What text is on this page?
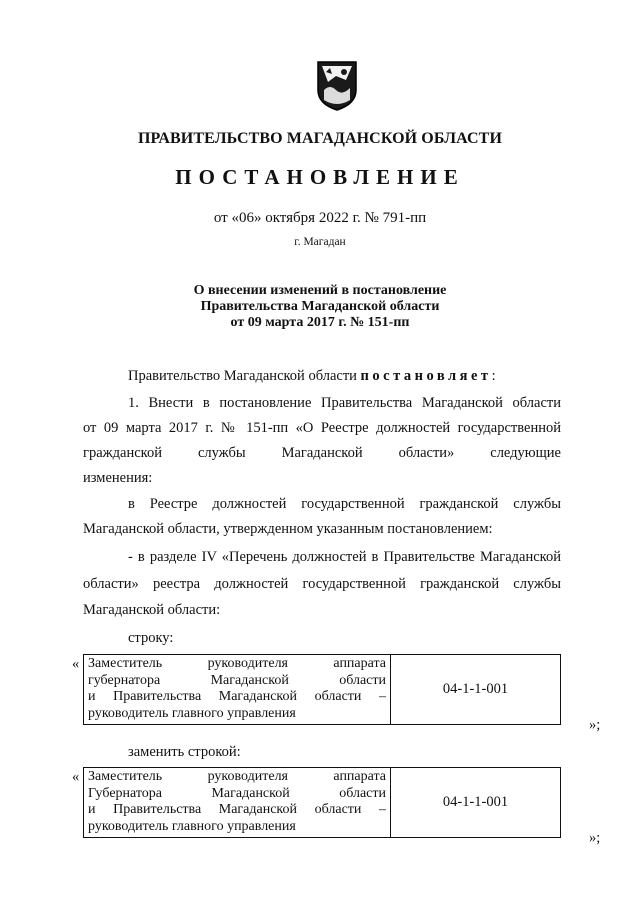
ПРАВИТЕЛЬСТВО МАГАДАНСКОЙ ОБЛАСТИ
ПОСТАНОВЛЕНИЕ
от «06» октября 2022 г. № 791-пп
г. Магадан
О внесении изменений в постановление
Правительства Магаданской области
от 09 марта 2017 г. № 151-пп
Правительство Магаданской области постановляет:
1. Внести в постановление Правительства Магаданской области
от 09 марта 2017 г. № 151-пп «О Реестре должностей государственной
гражданской службы Магаданской области» следующие
изменения:
в Реестре должностей государственной гражданской службы
Магаданской области, утвержденном указанным постановлением:
- в разделе IV «Перечень должностей в Правительстве Магаданской
области» реестра должностей государственной гражданской службы
Магаданской области:
строку:
« Заместитель руководителя аппарата
губернатора Магаданской области
и Правительства Магаданской области –
руководитель главного управления
04-1-1-001
»;
заменить строкой:
« Заместитель руководителя аппарата
Губернатора Магаданской области
и Правительства Магаданской области –
руководитель главного управления
04-1-1-001
»;
